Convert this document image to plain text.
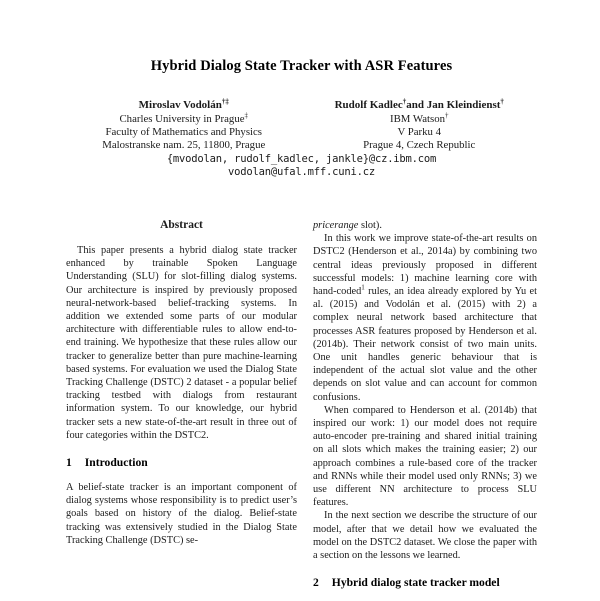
Hybrid Dialog State Tracker with ASR Features
Miroslav Vodolán†‡
Charles University in Prague‡
Faculty of Mathematics and Physics
Malostranske nam. 25, 11800, Prague
Rudolf Kadlec†and Jan Kleindienst†
IBM Watson†
V Parku 4
Prague 4, Czech Republic
{mvodolan, rudolf_kadlec, jankle}@cz.ibm.com
vodolan@ufal.mff.cuni.cz
Abstract

This paper presents a hybrid dialog state tracker enhanced by trainable Spoken Language Understanding (SLU) for slot-filling dialog systems. Our architecture is inspired by previously proposed neural-network-based belief-tracking systems. In addition we extended some parts of our modular architecture with differentiable rules to allow end-to-end training. We hypothesize that these rules allow our tracker to generalize better than pure machine-learning based systems. For evaluation we used the Dialog State Tracking Challenge (DSTC) 2 dataset - a popular belief tracking testbed with dialogs from restaurant information system. To our knowledge, our hybrid tracker sets a new state-of-the-art result in three out of four categories within the DSTC2.

1 Introduction

A belief-state tracker is an important component of dialog systems whose responsibility is to predict user’s goals based on history of the dialog. Belief-state tracking was extensively studied in the Dialog State Tracking Challenge (DSTC) se-

pricerange slot).

In this work we improve state-of-the-art results on DSTC2 (Henderson et al., 2014a) by combining two central ideas previously proposed in different successful models: 1) machine learning core with hand-coded$^1$ rules, an idea already explored by Yu et al. (2015) and Vodolán et al. (2015) with 2) a complex neural network based architecture that processes ASR features proposed by Henderson et al. (2014b). Their network consist of two main units. One unit handles generic behaviour that is independent of the actual slot value and the other depends on slot value and can account for common confusions.

When compared to Henderson et al. (2014b) that inspired our work: 1) our model does not require auto-encoder pre-training and shared initial training on all slots which makes the training easier; 2) our approach combines a rule-based core of the tracker and RNNs while their model used only RNNs; 3) we use different NN architecture to process SLU features.

In the next section we describe the structure of our model, after that we detail how we evaluated the model on the DSTC2 dataset. We close the paper with a section on the lessons we learned.

2 Hybrid dialog state tracker model
